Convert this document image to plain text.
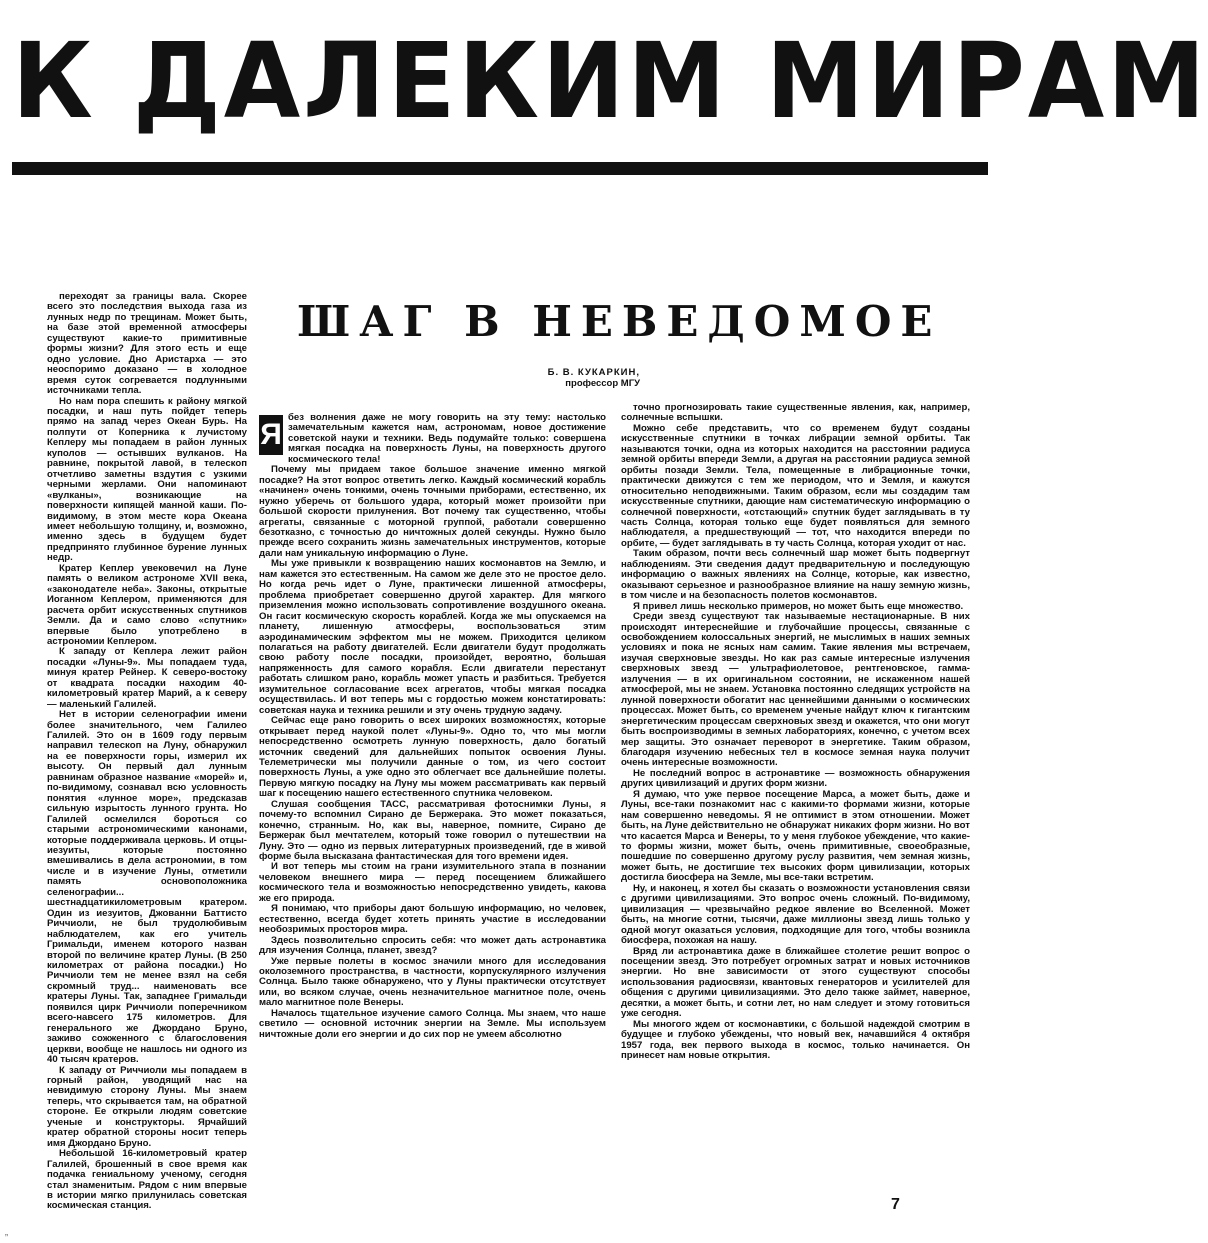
К ДАЛЕКИМ МИРАМ

переходят за границы вала. Скорее всего это последствия выхода газа из лунных недр по трещинам. Может быть, на базе этой временной атмосферы существуют какие-то примитивные формы жизни? Для этого есть и еще одно условие. Дно Аристарха — это неоспоримо доказано — в холодное время суток согревается подлунными источниками тепла.

Но нам пора спешить к району мягкой посадки, и наш путь пойдет теперь прямо на запад через Океан Бурь. На полпути от Коперника к лучистому Кеплеру мы попадаем в район лунных куполов — остывших вулканов. На равнине, покрытой лавой, в телескоп отчетливо заметны вздутия с узкими черными жерлами. Они напоминают «вулканы», возникающие на поверхности кипящей манной каши. По-видимому, в этом месте кора Океана имеет небольшую толщину, и, возможно, именно здесь в будущем будет предпринято глубинное бурение лунных недр.

Кратер Кеплер увековечил на Луне память о великом астрономе XVII века, «законодателе неба». Законы, открытые Иоганном Кеплером, применяются для расчета орбит искусственных спутников Земли. Да и само слово «спутник» впервые было употреблено в астрономии Кеплером.

К западу от Кеплера лежит район посадки «Луны-9». Мы попадаем туда, минуя кратер Рейнер. К северо-востоку от квадрата посадки находим 40-километровый кратер Марий, а к северу — маленький Галилей.

Нет в истории селенографии имени более значительного, чем Галилео Галилей. Это он в 1609 году первым направил телескоп на Луну, обнаружил на ее поверхности горы, измерил их высоту. Он первый дал лунным равнинам образное название «морей» и, по-видимому, сознавал всю условность понятия «лунное море», предсказав сильную изрытость лунного грунта. Но Галилей осмелился бороться со старыми астрономическими канонами, которые поддерживала церковь. И отцы-иезуиты, которые постоянно вмешивались в дела астрономии, в том числе и в изучение Луны, отметили память основоположника селенографии... шестнадцатикилометровым кратером. Один из иезуитов, Джованни Баттисто Риччиоли, не был трудолюбивым наблюдателем, как его учитель Гримальди, именем которого назван второй по величине кратер Луны. (В 250 километрах от района посадки.) Но Риччиоли тем не менее взял на себя скромный труд... наименовать все кратеры Луны. Так, западнее Гримальди появился цирк Риччиоли поперечником всего-навсего 175 километров. Для генерального же Джордано Бруно, заживо сожженного с благословения церкви, вообще не нашлось ни одного из 40 тысяч кратеров.

К западу от Риччиоли мы попадаем в горный район, уводящий нас на невидимую сторону Луны. Мы знаем теперь, что скрывается там, на обратной стороне. Ее открыли людям советские ученые и конструкторы. Ярчайший кратер обратной стороны носит теперь имя Джордано Бруно.

Небольшой 16-километровый кратер Галилей, брошенный в свое время как подачка гениальному ученому, сегодня стал знаменитым. Рядом с ним впервые в истории мягко прилунилась советская космическая станция.

ШАГ В НЕВЕДОМОЕ
Б. В. КУКАРКИН,
профессор МГУ
Я

без волнения даже не могу говорить на эту тему: настолько замечательным кажется нам, астрономам, новое достижение советской науки и техники. Ведь подумайте только: совершена мягкая посадка на поверхность Луны, на поверхность другого космического тела!

Почему мы придаем такое большое значение именно мягкой посадке? На этот вопрос ответить легко. Каждый космический корабль «начинен» очень тонкими, очень точными приборами, естественно, их нужно уберечь от большого удара, который может произойти при большой скорости прилунения. Вот почему так существенно, чтобы агрегаты, связанные с моторной группой, работали совершенно безотказно, с точностью до ничтожных долей секунды. Нужно было прежде всего сохранить жизнь замечательных инструментов, которые дали нам уникальную информацию о Луне.

Мы уже привыкли к возвращению наших космонавтов на Землю, и нам кажется это естественным. На самом же деле это не простое дело. Но когда речь идет о Луне, практически лишенной атмосферы, проблема приобретает совершенно другой характер. Для мягкого приземления можно использовать сопротивление воздушного океана. Он гасит космическую скорость кораблей. Когда же мы опускаемся на планету, лишенную атмосферы, воспользоваться этим аэродинамическим эффектом мы не можем. Приходится целиком полагаться на работу двигателей. Если двигатели будут продолжать свою работу после посадки, произойдет, вероятно, большая напряженность для самого корабля. Если двигатели перестанут работать слишком рано, корабль может упасть и разбиться. Требуется изумительное согласование всех агрегатов, чтобы мягкая посадка осуществилась. И вот теперь мы с гордостью можем констатировать: советская наука и техника решили и эту очень трудную задачу.

Сейчас еще рано говорить о всех широких возможностях, которые открывает перед наукой полет «Луны-9». Одно то, что мы могли непосредственно осмотреть лунную поверхность, дало богатый источник сведений для дальнейших попыток освоения Луны. Телеметрически мы получили данные о том, из чего состоит поверхность Луны, а уже одно это облегчает все дальнейшие полеты. Первую мягкую посадку на Луну мы можем рассматривать как первый шаг к посещению нашего естественного спутника человеком.

Слушая сообщения ТАСС, рассматривая фотоснимки Луны, я почему-то вспомнил Сирано де Бержерака. Это может показаться, конечно, странным. Но, как вы, наверное, помните, Сирано де Бержерак был мечтателем, который тоже говорил о путешествии на Луну. Это — одно из первых литературных произведений, где в живой форме была высказана фантастическая для того времени идея.

И вот теперь мы стоим на грани изумительного этапа в познании человеком внешнего мира — перед посещением ближайшего космического тела и возможностью непосредственно увидеть, какова же его природа.

Я понимаю, что приборы дают большую информацию, но человек, естественно, всегда будет хотеть принять участие в исследовании необозримых просторов мира.

Здесь позволительно спросить себя: что может дать астронавтика для изучения Солнца, планет, звезд?

Уже первые полеты в космос значили много для исследования околоземного пространства, в частности, корпускулярного излучения Солнца. Было также обнаружено, что у Луны практически отсутствует или, во всяком случае, очень незначительное магнитное поле, очень мало магнитное поле Венеры.

Началось тщательное изучение самого Солнца. Мы знаем, что наше светило — основной источник энергии на Земле. Мы используем ничтожные доли его энергии и до сих пор не умеем абсолютно

точно прогнозировать такие существенные явления, как, например, солнечные вспышки.

Можно себе представить, что со временем будут созданы искусственные спутники в точках либрации земной орбиты. Так называются точки, одна из которых находится на расстоянии радиуса земной орбиты впереди Земли, а другая на расстоянии радиуса земной орбиты позади Земли. Тела, помещенные в либрационные точки, практически движутся с тем же периодом, что и Земля, и кажутся относительно неподвижными. Таким образом, если мы создадим там искусственные спутники, дающие нам систематическую информацию о солнечной поверхности, «отстающий» спутник будет заглядывать в ту часть Солнца, которая только еще будет появляться для земного наблюдателя, а предшествующий — тот, что находится впереди по орбите, — будет заглядывать в ту часть Солнца, которая уходит от нас.

Таким образом, почти весь солнечный шар может быть подвергнут наблюдениям. Эти сведения дадут предварительную и последующую информацию о важных явлениях на Солнце, которые, как известно, оказывают серьезное и разнообразное влияние на нашу земную жизнь, в том числе и на безопасность полетов космонавтов.

Я привел лишь несколько примеров, но может быть еще множество.

Среди звезд существуют так называемые нестационарные. В них происходят интереснейшие и глубочайшие процессы, связанные с освобождением колоссальных энергий, не мыслимых в наших земных условиях и пока не ясных нам самим. Такие явления мы встречаем, изучая сверхновые звезды. Но как раз самые интересные излучения сверхновых звезд — ультрафиолетовое, рентгеновское, гамма-излучения — в их оригинальном состоянии, не искаженном нашей атмосферой, мы не знаем. Установка постоянно следящих устройств на лунной поверхности обогатит нас ценнейшими данными о космических процессах. Может быть, со временем ученые найдут ключ к гигантским энергетическим процессам сверхновых звезд и окажется, что они могут быть воспроизводимы в земных лабораториях, конечно, с учетом всех мер защиты. Это означает переворот в энергетике. Таким образом, благодаря изучению небесных тел в космосе земная наука получит очень интересные возможности.

Не последний вопрос в астронавтике — возможность обнаружения других цивилизаций и других форм жизни.

Я думаю, что уже первое посещение Марса, а может быть, даже и Луны, все-таки познакомит нас с какими-то формами жизни, которые нам совершенно неведомы. Я не оптимист в этом отношении. Может быть, на Луне действительно не обнаружат никаких форм жизни. Но вот что касается Марса и Венеры, то у меня глубокое убеждение, что какие-то формы жизни, может быть, очень примитивные, своеобразные, пошедшие по совершенно другому руслу развития, чем земная жизнь, может быть, не достигшие тех высоких форм цивилизации, которых достигла биосфера на Земле, мы все-таки встретим.

Ну, и наконец, я хотел бы сказать о возможности установления связи с другими цивилизациями. Это вопрос очень сложный. По-видимому, цивилизация — чрезвычайно редкое явление во Вселенной. Может быть, на многие сотни, тысячи, даже миллионы звезд лишь только у одной могут оказаться условия, подходящие для того, чтобы возникла биосфера, похожая на нашу.

Вряд ли астронавтика даже в ближайшее столетие решит вопрос о посещении звезд. Это потребует огромных затрат и новых источников энергии. Но вне зависимости от этого существуют способы использования радиосвязи, квантовых генераторов и усилителей для общения с другими цивилизациями. Это дело также займет, наверное, десятки, а может быть, и сотни лет, но нам следует и этому готовиться уже сегодня.

Мы многого ждем от космонавтики, с большой надеждой смотрим в будущее и глубоко убеждены, что новый век, начавшийся 4 октября 1957 года, век первого выхода в космос, только начинается. Он принесет нам новые открытия.

7
„
